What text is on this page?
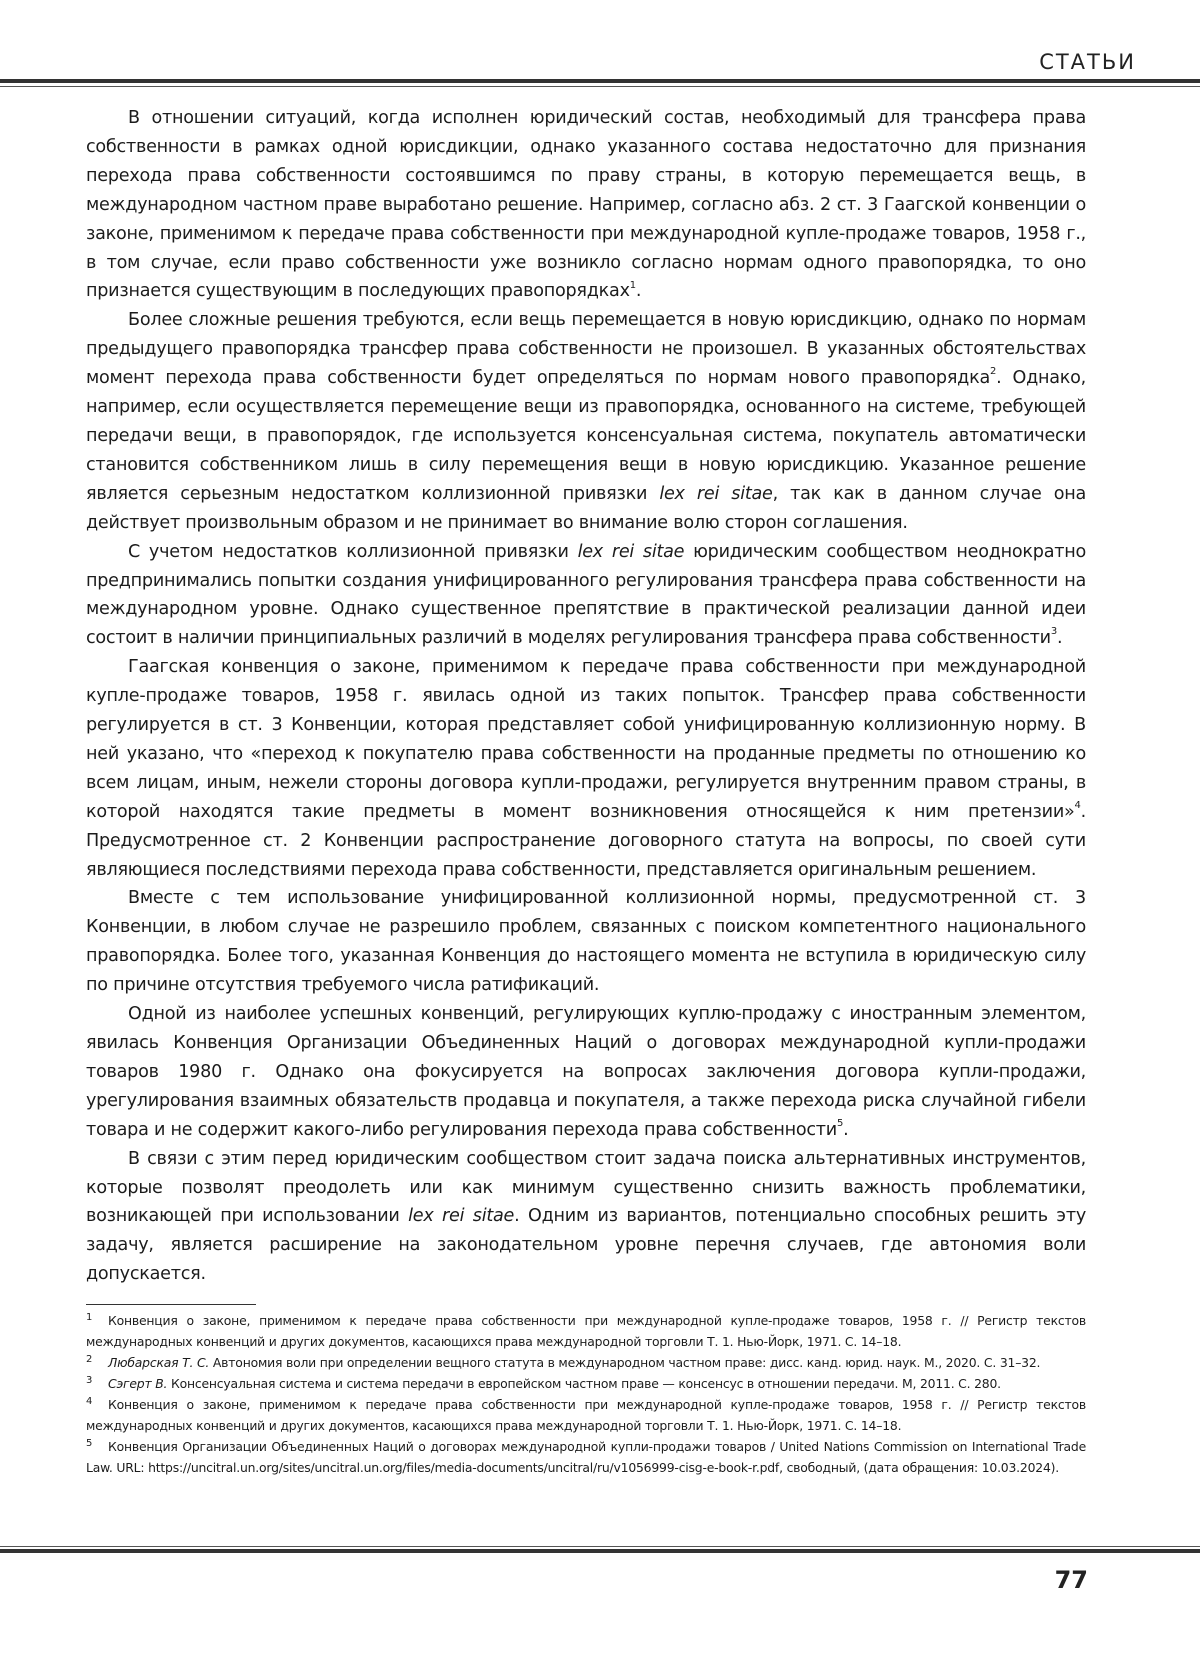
СТАТЬИ

В отношении ситуаций, когда исполнен юридический состав, необходимый для трансфера права собственности в рамках одной юрисдикции, однако указанного состава недостаточно для признания перехода права собственности состоявшимся по праву страны, в которую перемещается вещь, в международном частном праве выработано решение. Например, согласно абз. 2 ст. 3 Гаагской конвенции о законе, применимом к передаче права собственности при международной купле-продаже товаров, 1958 г., в том случае, если право собственности уже возникло согласно нормам одного правопорядка, то оно признается существующим в последующих правопорядках$^1$.

Более сложные решения требуются, если вещь перемещается в новую юрисдикцию, однако по нормам предыдущего правопорядка трансфер права собственности не произошел. В указанных обстоятельствах момент перехода права собственности будет определяться по нормам нового правопорядка$^2$. Однако, например, если осуществляется перемещение вещи из правопорядка, основанного на системе, требующей передачи вещи, в правопорядок, где используется консенсуальная система, покупатель автоматически становится собственником лишь в силу перемещения вещи в новую юрисдикцию. Указанное решение является серьезным недостатком коллизионной привязки lex rei sitae, так как в данном случае она действует произвольным образом и не принимает во внимание волю сторон соглашения.

С учетом недостатков коллизионной привязки lex rei sitae юридическим сообществом неоднократно предпринимались попытки создания унифицированного регулирования трансфера права собственности на международном уровне. Однако существенное препятствие в практической реализации данной идеи состоит в наличии принципиальных различий в моделях регулирования трансфера права собственности$^3$.

Гаагская конвенция о законе, применимом к передаче права собственности при международной купле-продаже товаров, 1958 г. явилась одной из таких попыток. Трансфер права собственности регулируется в ст. 3 Конвенции, которая представляет собой унифицированную коллизионную норму. В ней указано, что «переход к покупателю права собственности на проданные предметы по отношению ко всем лицам, иным, нежели стороны договора купли-продажи, регулируется внутренним правом страны, в которой находятся такие предметы в момент возникновения относящейся к ним претензии»$^4$. Предусмотренное ст. 2 Конвенции распространение договорного статута на вопросы, по своей сути являющиеся последствиями перехода права собственности, представляется оригинальным решением.

Вместе с тем использование унифицированной коллизионной нормы, предусмотренной ст. 3 Конвенции, в любом случае не разрешило проблем, связанных с поиском компетентного национального правопорядка. Более того, указанная Конвенция до настоящего момента не вступила в юридическую силу по причине отсутствия требуемого числа ратификаций.

Одной из наиболее успешных конвенций, регулирующих куплю-продажу с иностранным элементом, явилась Конвенция Организации Объединенных Наций о договорах международной купли-продажи товаров 1980 г. Однако она фокусируется на вопросах заключения договора купли-продажи, урегулирования взаимных обязательств продавца и покупателя, а также перехода риска случайной гибели товара и не содержит какого-либо регулирования перехода права собственности$^5$.

В связи с этим перед юридическим сообществом стоит задача поиска альтернативных инструментов, которые позволят преодолеть или как минимум существенно снизить важность проблематики, возникающей при использовании lex rei sitae. Одним из вариантов, потенциально способных решить эту задачу, является расширение на законодательном уровне перечня случаев, где автономия воли допускается.

1 Конвенция о законе, применимом к передаче права собственности при международной купле-продаже товаров, 1958 г. // Регистр текстов международных конвенций и других документов, касающихся права международной торговли Т. 1. Нью-Йорк, 1971. С. 14–18.
2 Любарская Т. С. Автономия воли при определении вещного статута в международном частном праве: дисс. канд. юрид. наук. М., 2020. С. 31–32.
3 Сэгерт В. Консенсуальная система и система передачи в европейском частном праве — консенсус в отношении передачи. М, 2011. С. 280.
4 Конвенция о законе, применимом к передаче права собственности при международной купле-продаже товаров, 1958 г. // Регистр текстов международных конвенций и других документов, касающихся права международной торговли Т. 1. Нью-Йорк, 1971. С. 14–18.
5 Конвенция Организации Объединенных Наций о договорах международной купли-продажи товаров / United Nations Commission on International Trade Law. URL: https://uncitral.un.org/sites/uncitral.un.org/files/media-documents/uncitral/ru/v1056999-cisg-e-book-r.pdf, свободный, (дата обращения: 10.03.2024).
77
